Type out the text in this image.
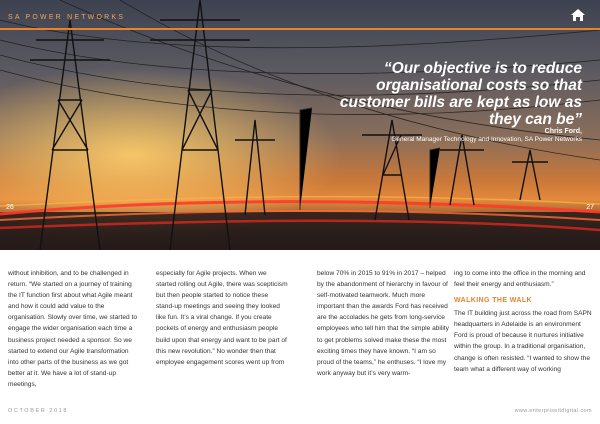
SA POWER NETWORKS
“Our objective is to reduce organisational costs so that customer bills are kept as low as they can be”
Chris Ford,
General Manager Technology and Innovation, SA Power Networks
26	27

without inhibition, and to be challenged in return. “We started on a journey of training the IT function first about what Agile meant and how it could add value to the organisation. Slowly over time, we started to engage the wider organisation each time a business project needed a sponsor. So we started to extend our Agile transformation into other parts of the business as we got better at it. We have a lot of stand-up meetings,

especially for Agile projects. When we started rolling out Agile, there was scepticism but then people started to notice these stand-up meetings and seeing they looked like fun. It’s a viral change. If you create pockets of energy and enthusiasm people build upon that energy and want to be part of this new revolution.” No wonder then that employee engagement scores went up from

below 70% in 2015 to 91% in 2017 – helped by the abandonment of hierarchy in favour of self-motivated teamwork. Much more important than the awards Ford has received are the accolades he gets from long-service employees who tell him that the simple ability to get problems solved make these the most exciting times they have known. “I am so proud of the teams,” he enthuses. “I love my work anyway but it’s very warm-

ing to come into the office in the morning and feel their energy and enthusiasm.”

WALKING THE WALK

The IT building just across the road from SAPN headquarters in Adelaide is an environment Ford is proud of because it nurtures initiative within the group. In a traditional organisation, change is often resisted. “I wanted to show the team what a different way of working

OCTOBER 2018	www.enterpriseitdigital.com
